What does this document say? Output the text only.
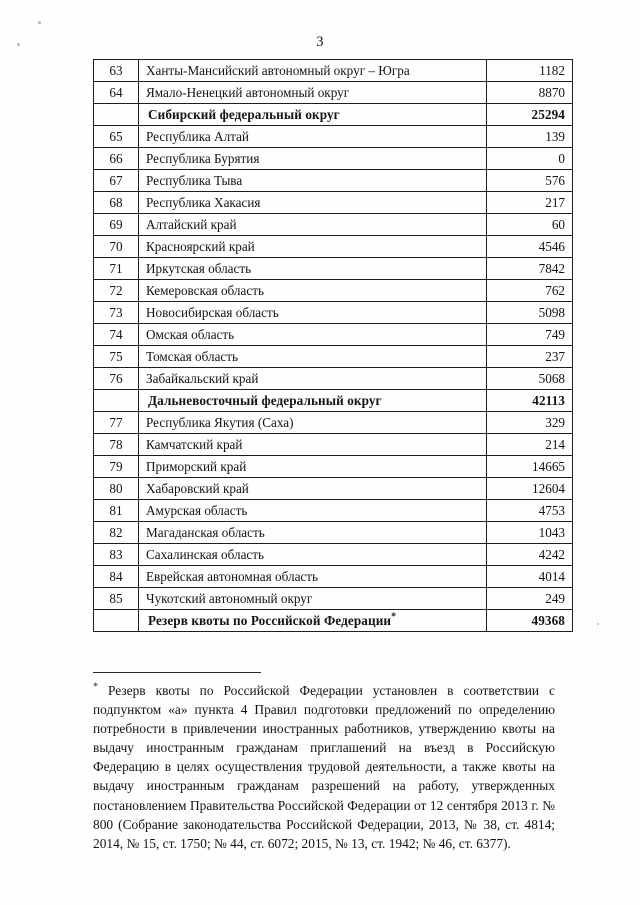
3
63	Ханты-Мансийский автономный округ – Югра	1182
64	Ямало-Ненецкий автономный округ	8870
	Сибирский федеральный округ	25294
65	Республика Алтай	139
66	Республика Бурятия	0
67	Республика Тыва	576
68	Республика Хакасия	217
69	Алтайский край	60
70	Красноярский край	4546
71	Иркутская область	7842
72	Кемеровская область	762
73	Новосибирская область	5098
74	Омская область	749
75	Томская область	237
76	Забайкальский край	5068
	Дальневосточный федеральный округ	42113
77	Республика Якутия (Саха)	329
78	Камчатский край	214
79	Приморский край	14665
80	Хабаровский край	12604
81	Амурская область	4753
82	Магаданская область	1043
83	Сахалинская область	4242
84	Еврейская автономная область	4014
85	Чукотский автономный округ	249
	Резерв квоты по Российской Федерации*	49368
* Резерв квоты по Российской Федерации установлен в соответствии с подпунктом «а» пункта 4 Правил подготовки предложений по определению потребности в привлечении иностранных работников, утверждению квоты на выдачу иностранным гражданам приглашений на въезд в Российскую Федерацию в целях осуществления трудовой деятельности, а также квоты на выдачу иностранным гражданам разрешений на работу, утвержденных постановлением Правительства Российской Федерации от 12 сентября 2013 г. № 800 (Собрание законодательства Российской Федерации, 2013, № 38, ст. 4814; 2014, № 15, ст. 1750; № 44, ст. 6072; 2015, № 13, ст. 1942; № 46, ст. 6377).
